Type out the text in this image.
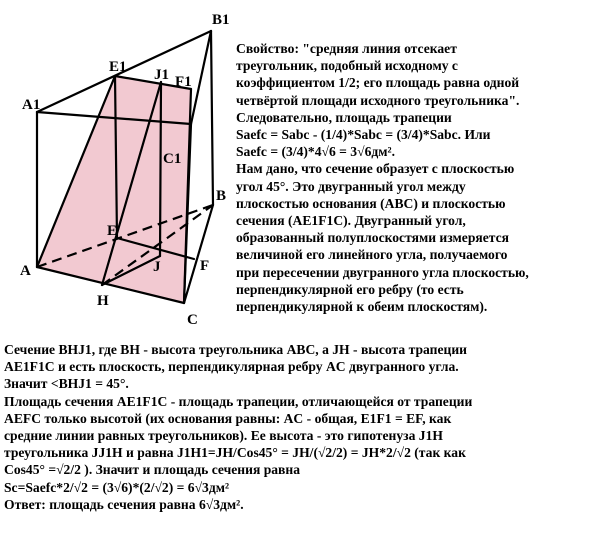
B1
E1 J1 F1
A1
C1
E
B
A	J	F
H
C
Свойство: "средняя линия отсекает
треугольник, подобный исходному с
коэффициентом 1/2; его площадь равна одной
четвёртой площади исходного треугольника".
Следовательно, площадь трапеции
Saefc = Sabc - (1/4)*Sabc = (3/4)*Sabc. Или
Saefc = (3/4)*4√6 = 3√6дм².
Нам дано, что сечение образует с плоскостью
угол 45°. Это двугранный угол между
плоскостью основания (ABC) и плоскостью
сечения (AE1F1C). Двугранный угол,
образованный полуплоскостями измеряется
величиной его линейного угла, получаемого
при пересечении двугранного угла плоскостью,
перпендикулярной его ребру (то есть
перпендикулярной к обеим плоскостям).
Сечение BHJ1, где BH - высота треугольника ABC, а JH - высота трапеции
AE1F1C и есть плоскость, перпендикулярная ребру AC двугранного угла.
Значит <BHJ1 = 45°.
Площадь сечения AE1F1C - площадь трапеции, отличающейся от трапеции
AEFC только высотой (их основания равны: AC - общая, E1F1 = EF, как
средние линии равных треугольников). Ее высота - это гипотенуза J1H
треугольника JJ1H и равна J1H1=JH/Cos45° = JH/(√2/2) = JH*2/√2 (так как
Cos45° =√2/2 ). Значит и площадь сечения равна
Sc=Saefc*2/√2 = (3√6)*(2/√2) = 6√3дм²
Ответ: площадь сечения равна 6√3дм².
